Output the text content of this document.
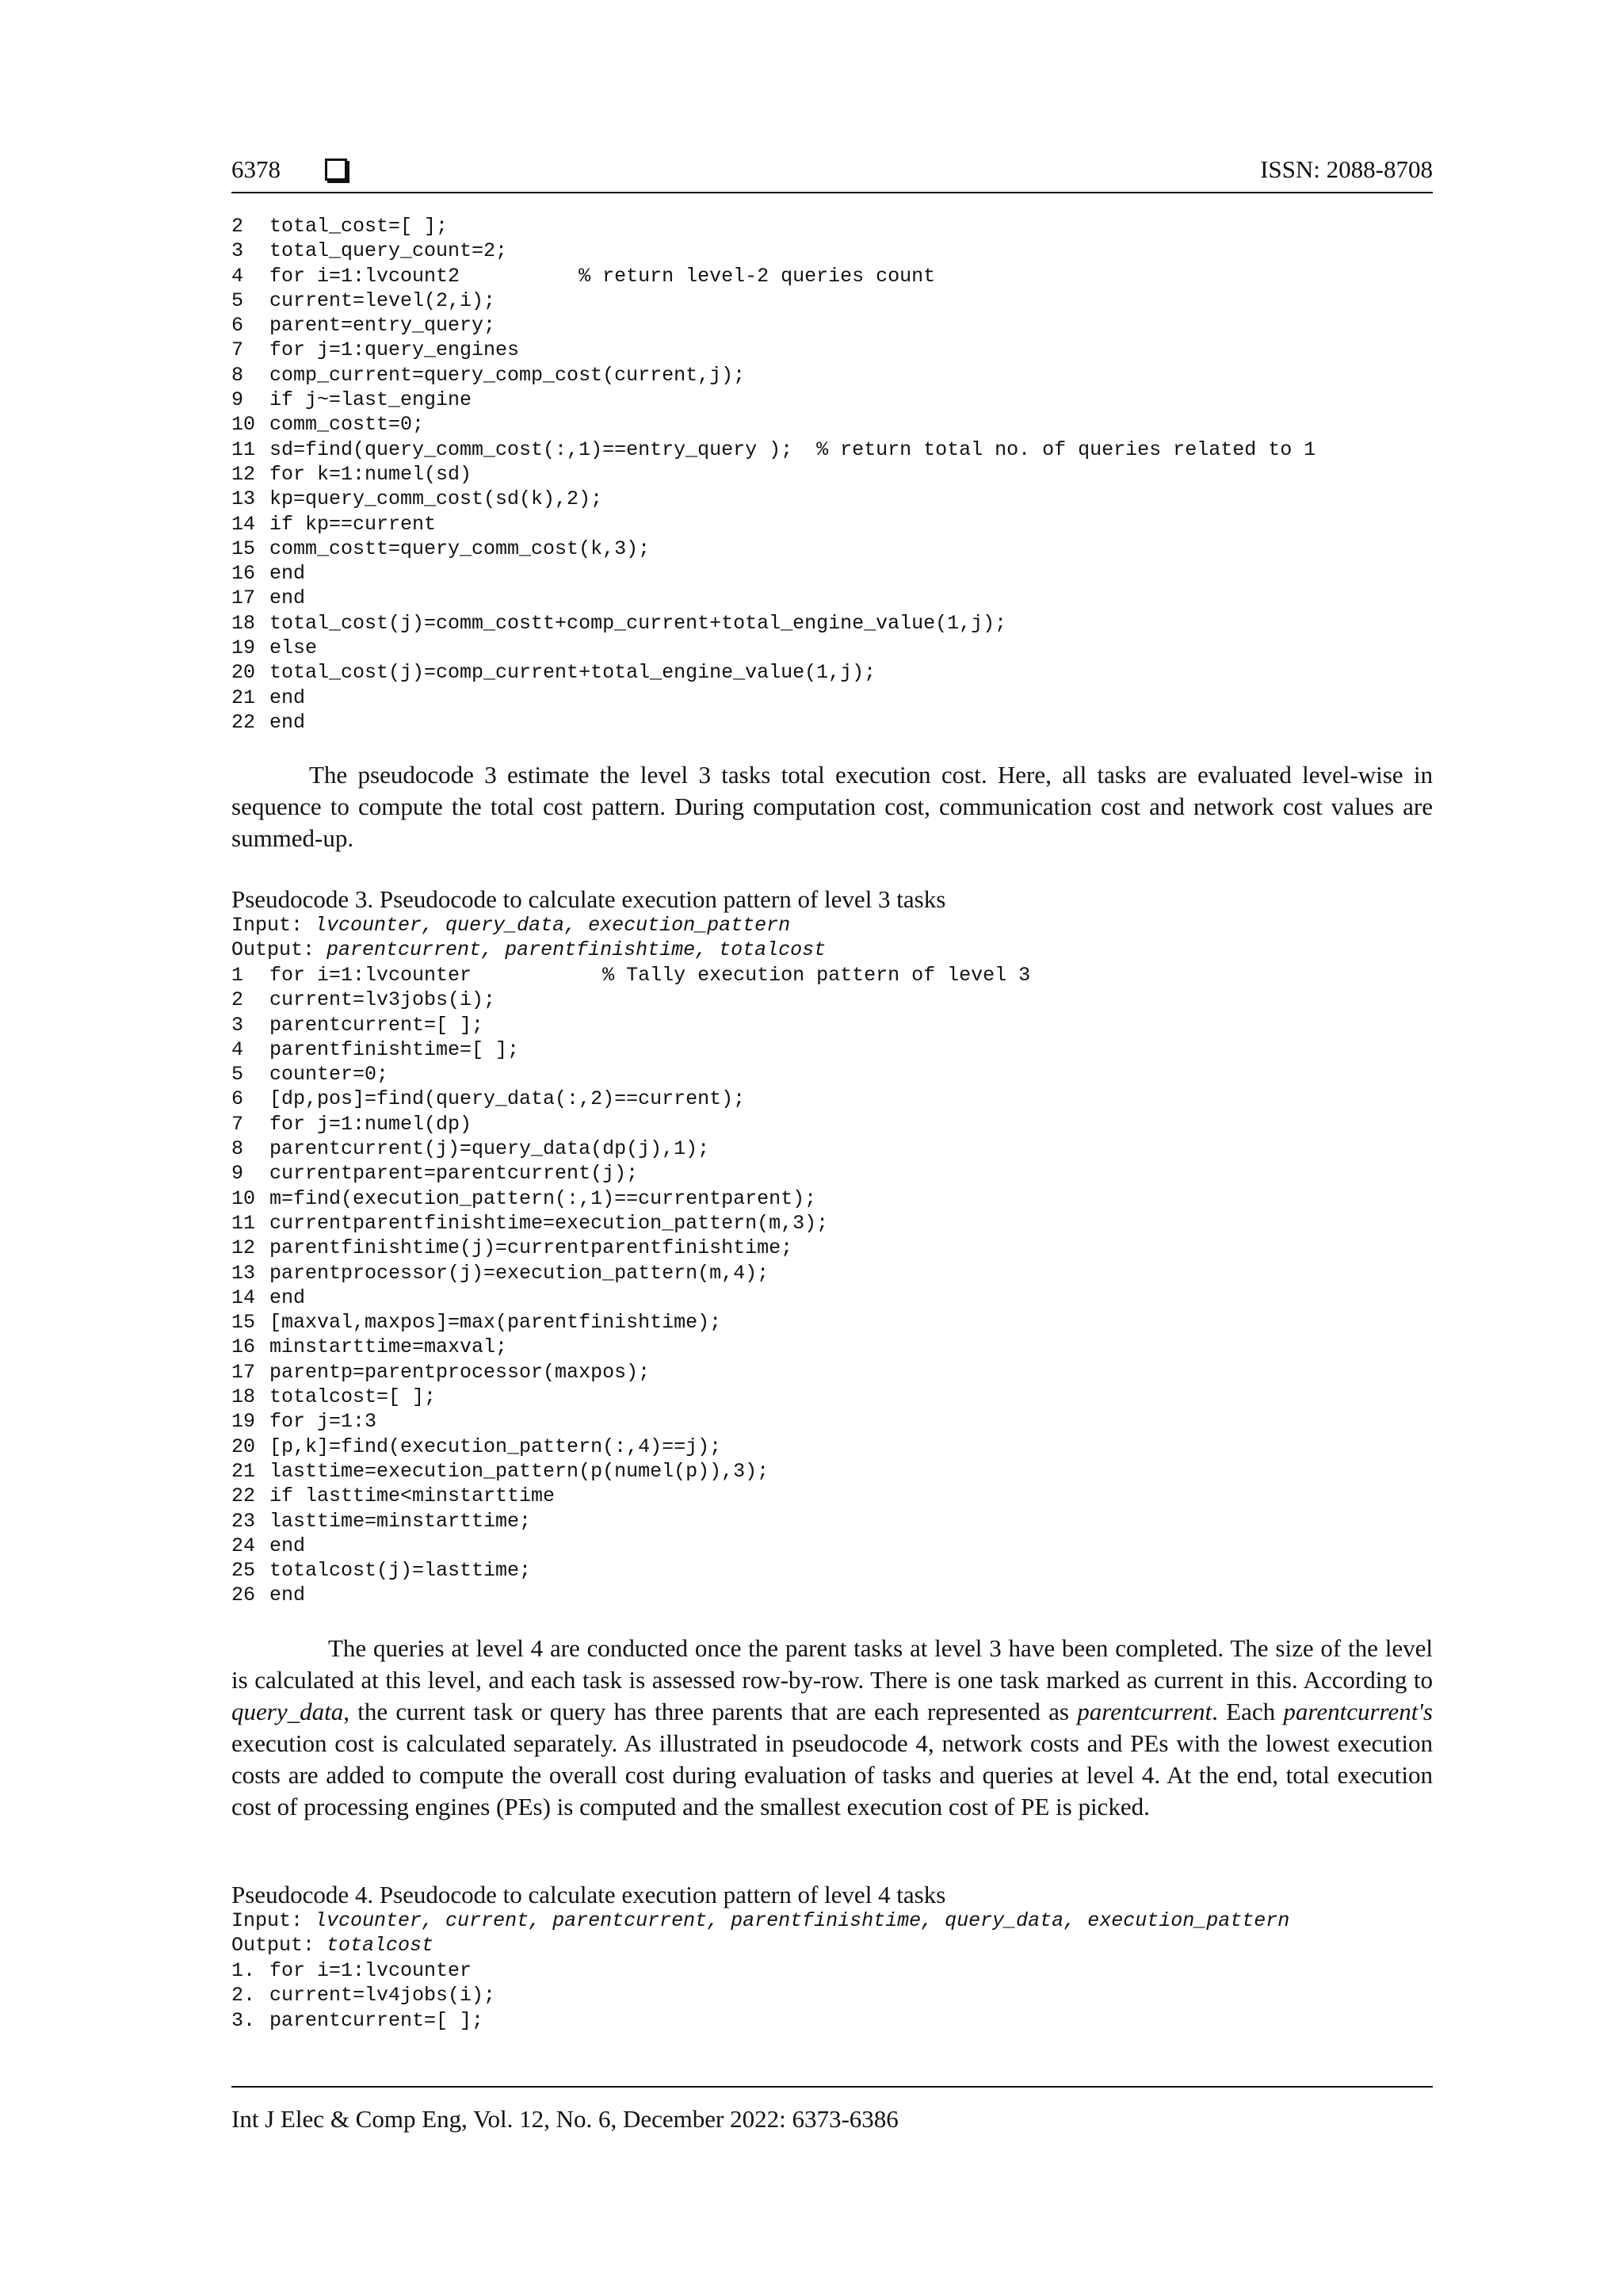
6378	ISSN: 2088-8708
2 total_cost=[ ];
3 total_query_count=2;
4 for i=1:lvcount2          % return level-2 queries count
5 current=level(2,i);
6 parent=entry_query;
7 for j=1:query_engines
8 comp_current=query_comp_cost(current,j);
9 if j~=last_engine
10 comm_costt=0;
11 sd=find(query_comm_cost(:,1)==entry_query );  % return total no. of queries related to 1
12 for k=1:numel(sd)
13 kp=query_comm_cost(sd(k),2);
14 if kp==current
15 comm_costt=query_comm_cost(k,3);
16 end
17 end
18 total_cost(j)=comm_costt+comp_current+total_engine_value(1,j);
19 else
20 total_cost(j)=comp_current+total_engine_value(1,j);
21 end
22 end

The pseudocode 3 estimate the level 3 tasks total execution cost. Here, all tasks are evaluated level-wise in sequence to compute the total cost pattern. During computation cost, communication cost and network cost values are summed-up.

Pseudocode 3. Pseudocode to calculate execution pattern of level 3 tasks

Input: lvcounter, query_data, execution_pattern
Output: parentcurrent, parentfinishtime, totalcost
1 for i=1:lvcounter           % Tally execution pattern of level 3
2 current=lv3jobs(i);
3 parentcurrent=[ ];
4 parentfinishtime=[ ];
5 counter=0;
6 [dp,pos]=find(query_data(:,2)==current);
7 for j=1:numel(dp)
8 parentcurrent(j)=query_data(dp(j),1);
9 currentparent=parentcurrent(j);
10 m=find(execution_pattern(:,1)==currentparent);
11 currentparentfinishtime=execution_pattern(m,3);
12 parentfinishtime(j)=currentparentfinishtime;
13 parentprocessor(j)=execution_pattern(m,4);
14 end
15 [maxval,maxpos]=max(parentfinishtime);
16 minstarttime=maxval;
17 parentp=parentprocessor(maxpos);
18 totalcost=[ ];
19 for j=1:3
20 [p,k]=find(execution_pattern(:,4)==j);
21 lasttime=execution_pattern(p(numel(p)),3);
22 if lasttime<minstarttime
23 lasttime=minstarttime;
24 end
25 totalcost(j)=lasttime;
26 end

The queries at level 4 are conducted once the parent tasks at level 3 have been completed. The size of the level is calculated at this level, and each task is assessed row-by-row. There is one task marked as current in this. According to query_data, the current task or query has three parents that are each represented as parentcurrent. Each parentcurrent's execution cost is calculated separately. As illustrated in pseudocode 4, network costs and PEs with the lowest execution costs are added to compute the overall cost during evaluation of tasks and queries at level 4. At the end, total execution cost of processing engines (PEs) is computed and the smallest execution cost of PE is picked.

Pseudocode 4. Pseudocode to calculate execution pattern of level 4 tasks

Input: lvcounter, current, parentcurrent, parentfinishtime, query_data, execution_pattern
Output: totalcost
1. for i=1:lvcounter
2. current=lv4jobs(i);
3. parentcurrent=[ ];
Int J Elec & Comp Eng, Vol. 12, No. 6, December 2022: 6373-6386
